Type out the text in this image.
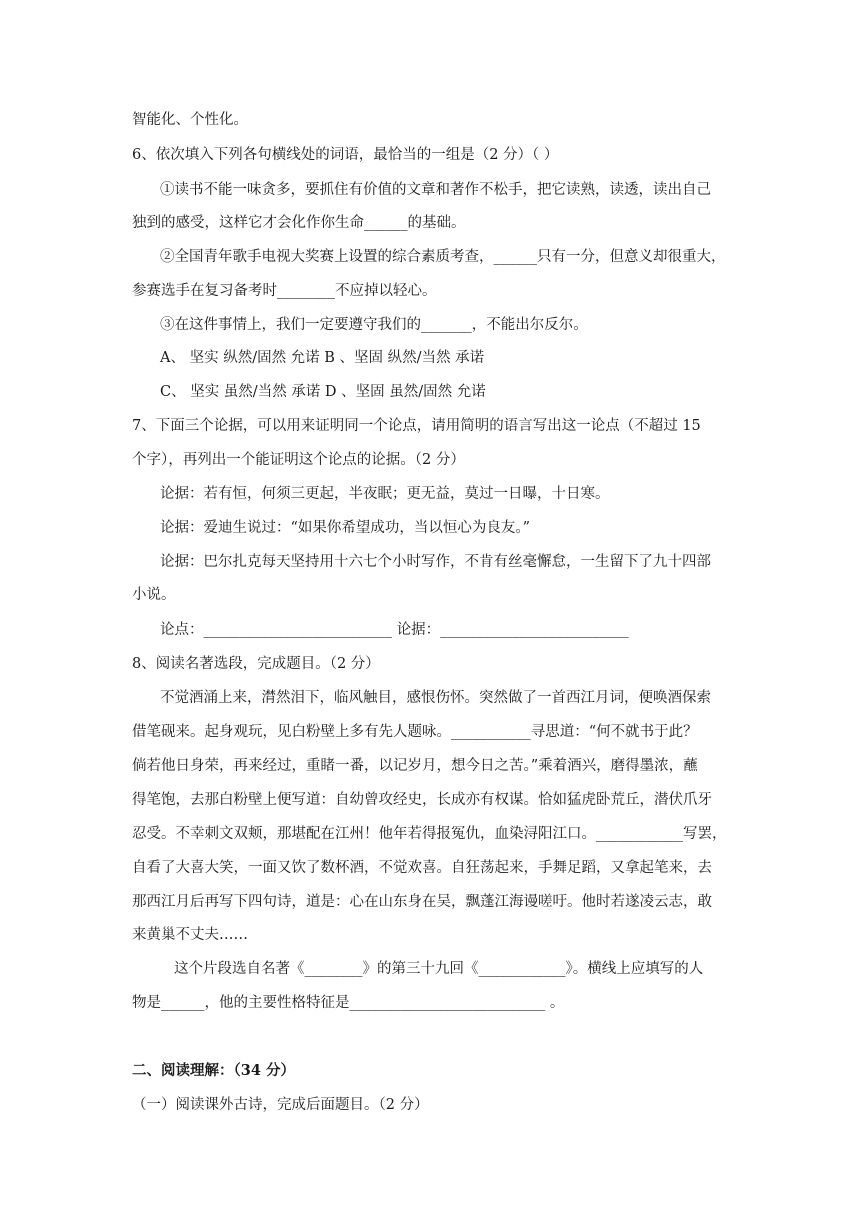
智能化、个性化。
6、依次填入下列各句横线处的词语，最恰当的一组是（2 分）（ ）
①读书不能一味贪多，要抓住有价值的文章和著作不松手，把它读熟，读透，读出自己
独到的感受，这样它才会化作你生命______的基础。
②全国青年歌手电视大奖赛上设置的综合素质考查，______只有一分，但意义却很重大，
参赛选手在复习备考时________不应掉以轻心。
③在这件事情上，我们一定要遵守我们的_______，不能出尔反尔。
A、 坚实 纵然/固然 允诺 B 、坚固 纵然/当然 承诺
C、 坚实 虽然/当然 承诺 D 、坚固 虽然/固然 允诺
7、下面三个论据，可以用来证明同一个论点，请用简明的语言写出这一论点（不超过 15
个字），再列出一个能证明这个论点的论据。（2 分）
论据：若有恒，何须三更起，半夜眠；更无益，莫过一日曝，十日寒。
论据：爱迪生说过：“如果你希望成功，当以恒心为良友。”
论据：巴尔扎克每天坚持用十六七个小时写作，不肯有丝毫懈怠，一生留下了九十四部
小说。
论点：__________________________ 论据：__________________________
8、阅读名著选段，完成题目。（2 分）
不觉酒涌上来，潸然泪下，临风触目，感恨伤怀。突然做了一首西江月词，便唤酒保索
借笔砚来。起身观玩，见白粉壁上多有先人题咏。___________寻思道：“何不就书于此？
倘若他日身荣，再来经过，重睹一番，以记岁月，想今日之苦。”乘着酒兴，磨得墨浓，蘸
得笔饱，去那白粉壁上便写道：自幼曾攻经史，长成亦有权谋。恰如猛虎卧荒丘，潜伏爪牙
忍受。不幸刺文双颊，那堪配在江州！他年若得报冤仇，血染浔阳江口。____________写罢，
自看了大喜大笑，一面又饮了数杯酒，不觉欢喜。自狂荡起来，手舞足蹈，又拿起笔来，去
那西江月后再写下四句诗，道是：心在山东身在吴，飘蓬江海谩嗟吁。他时若遂凌云志，敢
来黄巢不丈夫……
这个片段选自名著《________》的第三十九回《____________》。横线上应填写的人
物是______，他的主要性格特征是___________________________ 。
二、阅读理解：（34 分）
（一）阅读课外古诗，完成后面题目。（2 分）
